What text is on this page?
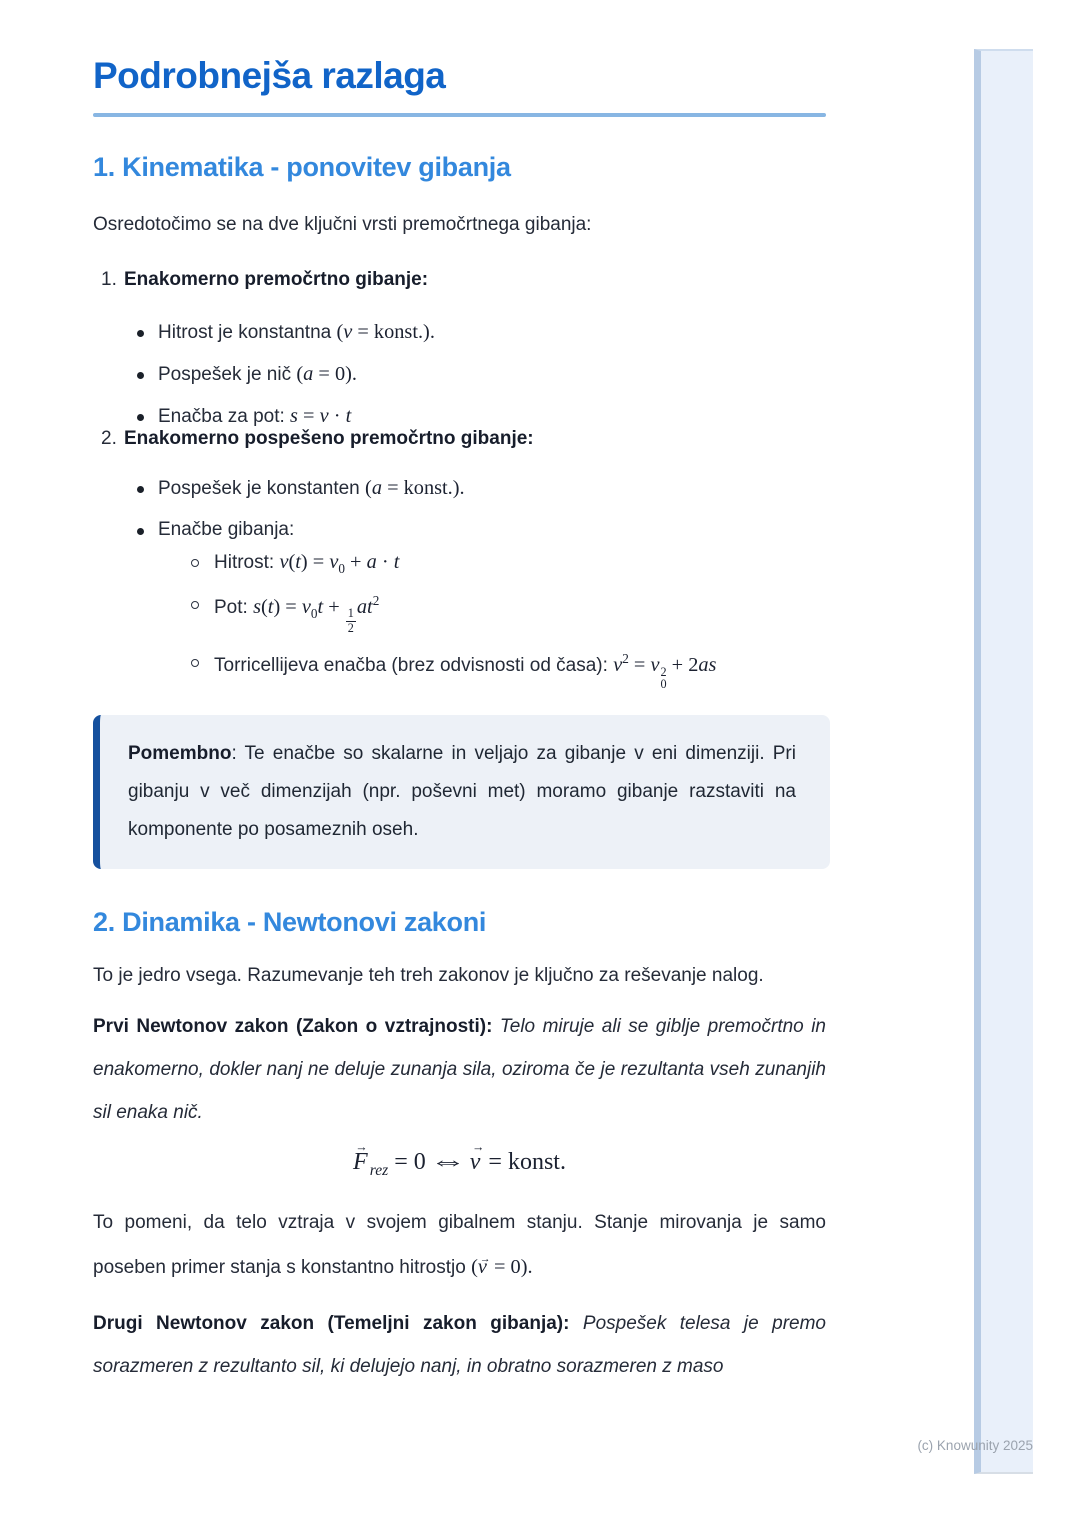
Podrobnejša razlaga
1. Kinematika - ponovitev gibanja

Osredotočimo se na dve ključni vrsti premočrtnega gibanja:

1. Enakomerno premočrtno gibanje:
Hitrost je konstantna (v = konst.).
Pospešek je nič (a = 0).
Enačba za pot: s = v · t
2. Enakomerno pospešeno premočrtno gibanje:
Pospešek je konstanten (a = konst.).
Enačbe gibanja:
Hitrost: $v(t) = v_0 + a \cdot t$
Pot: $s(t) = v_0t$ +
$\frac{1}{2}$
$at^2$
Torricellijeva enačba (brez odvisnosti od časa): $v^2 = v$ 2
0
+ 2as

Pomembno: Te enačbe so skalarne in veljajo za gibanje v eni dimenziji. Pri gibanju v več dimenzijah (npr. poševni met) moramo gibanje razstaviti na komponente po posameznih oseh.

2. Dinamika - Newtonovi zakoni

To je jedro vsega. Razumevanje teh treh zakonov je ključno za reševanje nalog.

Prvi Newtonov zakon (Zakon o vztrajnosti): Telo miruje ali se giblje premočrtno in enakomerno, dokler nanj ne deluje zunanja sila, oziroma če je rezultanta vseh zunanjih sil enaka nič.

F → $_{rez}$ = 0 ⇔ v → = konst.

To pomeni, da telo vztraja v svojem gibalnem stanju. Stanje mirovanja je samo poseben primer stanja s konstantno hitrostjo (v → = 0).

Drugi Newtonov zakon (Temeljni zakon gibanja): Pospešek telesa je premo sorazmeren z rezultanto sil, ki delujejo nanj, in obratno sorazmeren z maso

(c) Knowunity 2025
